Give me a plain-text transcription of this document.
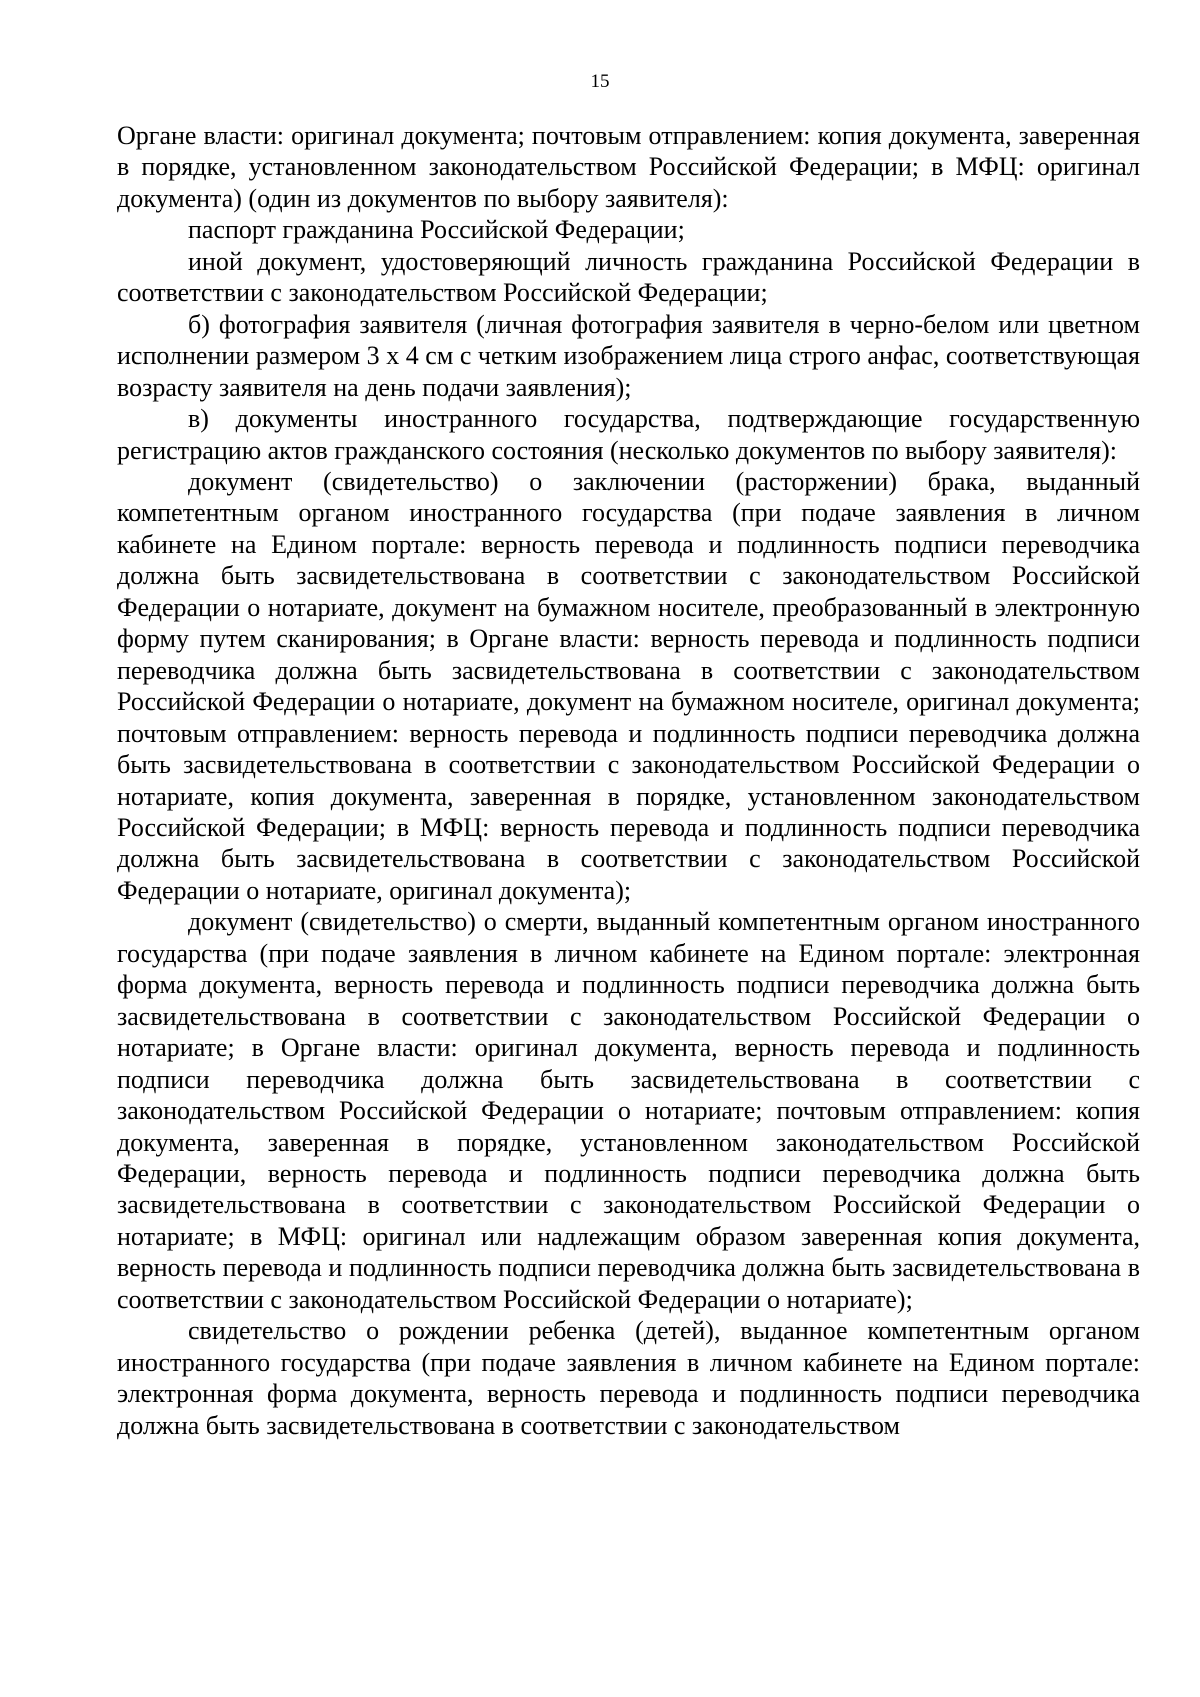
15

Органе власти: оригинал документа; почтовым отправлением: копия документа, заверенная в порядке, установленном законодательством Российской Федерации; в МФЦ: оригинал документа) (один из документов по выбору заявителя):

паспорт гражданина Российской Федерации;

иной документ, удостоверяющий личность гражданина Российской Федерации в соответствии с законодательством Российской Федерации;

б) фотография заявителя (личная фотография заявителя в черно-белом или цветном исполнении размером 3 х 4 см с четким изображением лица строго анфас, соответствующая возрасту заявителя на день подачи заявления);

в) документы иностранного государства, подтверждающие государственную регистрацию актов гражданского состояния (несколько документов по выбору заявителя):

документ (свидетельство) о заключении (расторжении) брака, выданный компетентным органом иностранного государства (при подаче заявления в личном кабинете на Едином портале: верность перевода и подлинность подписи переводчика должна быть засвидетельствована в соответствии с законодательством Российской Федерации о нотариате, документ на бумажном носителе, преобразованный в электронную форму путем сканирования; в Органе власти: верность перевода и подлинность подписи переводчика должна быть засвидетельствована в соответствии с законодательством Российской Федерации о нотариате, документ на бумажном носителе, оригинал документа; почтовым отправлением: верность перевода и подлинность подписи переводчика должна быть засвидетельствована в соответствии с законодательством Российской Федерации о нотариате, копия документа, заверенная в порядке, установленном законодательством Российской Федерации; в МФЦ: верность перевода и подлинность подписи переводчика должна быть засвидетельствована в соответствии с законодательством Российской Федерации о нотариате, оригинал документа);

документ (свидетельство) о смерти, выданный компетентным органом иностранного государства (при подаче заявления в личном кабинете на Едином портале: электронная форма документа, верность перевода и подлинность подписи переводчика должна быть засвидетельствована в соответствии с законодательством Российской Федерации о нотариате; в Органе власти: оригинал документа, верность перевода и подлинность подписи переводчика должна быть засвидетельствована в соответствии с законодательством Российской Федерации о нотариате; почтовым отправлением: копия документа, заверенная в порядке, установленном законодательством Российской Федерации, верность перевода и подлинность подписи переводчика должна быть засвидетельствована в соответствии с законодательством Российской Федерации о нотариате; в МФЦ: оригинал или надлежащим образом заверенная копия документа, верность перевода и подлинность подписи переводчика должна быть засвидетельствована в соответствии с законодательством Российской Федерации о нотариате);

свидетельство о рождении ребенка (детей), выданное компетентным органом иностранного государства (при подаче заявления в личном кабинете на Едином портале: электронная форма документа, верность перевода и подлинность подписи переводчика должна быть засвидетельствована в соответствии с законодательством
